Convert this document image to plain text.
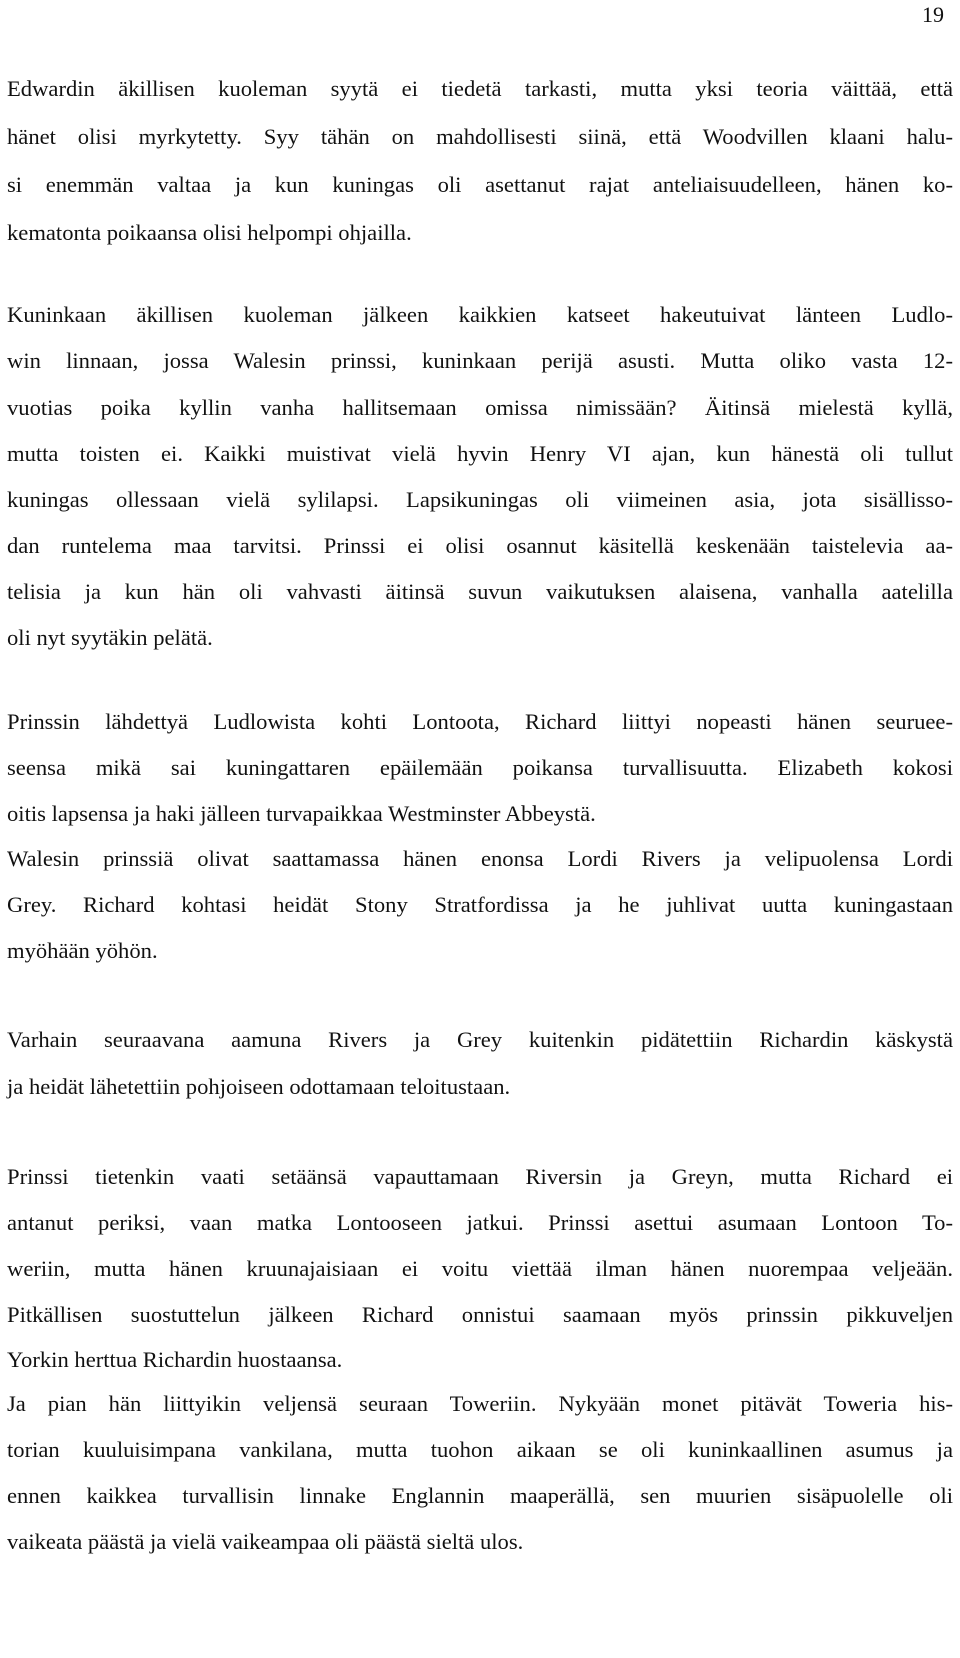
19
Edwardin äkillisen kuoleman syytä ei tiedetä tarkasti, mutta yksi teoria väittää, että
hänet olisi myrkytetty. Syy tähän on mahdollisesti siinä, että Woodvillen klaani halu-
si enemmän valtaa ja kun kuningas oli asettanut rajat anteliaisuudelleen, hänen ko-
kematonta poikaansa olisi helpompi ohjailla.
Kuninkaan äkillisen kuoleman jälkeen kaikkien katseet hakeutuivat länteen Ludlo-
win linnaan, jossa Walesin prinssi, kuninkaan perijä asusti. Mutta oliko vasta 12-
vuotias poika kyllin vanha hallitsemaan omissa nimissään? Äitinsä mielestä kyllä,
mutta toisten ei. Kaikki muistivat vielä hyvin Henry VI ajan, kun hänestä oli tullut
kuningas ollessaan vielä sylilapsi. Lapsikuningas oli viimeinen asia, jota sisällisso-
dan runtelema maa tarvitsi. Prinssi ei olisi osannut käsitellä keskenään taistelevia aa-
telisia ja kun hän oli vahvasti äitinsä suvun vaikutuksen alaisena, vanhalla aatelilla
oli nyt syytäkin pelätä.
Prinssin lähdettyä Ludlowista kohti Lontoota, Richard liittyi nopeasti hänen seurueе-
seensa mikä sai kuningattaren epäilemään poikansa turvallisuutta. Elizabeth kokosi
oitis lapsensa ja haki jälleen turvapaikkaa Westminster Abbeystä.
Walesin prinssiä olivat saattamassa hänen enonsa Lordi Rivers ja velipuolensa Lordi
Grey. Richard kohtasi heidät Stony Stratfordissa ja he juhlivat uutta kuningastaan
myöhään yöhön.
Varhain seuraavana aamuna Rivers ja Grey kuitenkin pidätettiin Richardin käskystä
ja heidät lähetettiin pohjoiseen odottamaan teloitustaan.
Prinssi tietenkin vaati setäänsä vapauttamaan Riversin ja Greyn, mutta Richard ei
antanut periksi, vaan matka Lontooseen jatkui. Prinssi asettui asumaan Lontoon To-
weriin, mutta hänen kruunajaisiaan ei voitu viettää ilman hänen nuorempaa veljeään.
Pitkällisen suostuttelun jälkeen Richard onnistui saamaan myös prinssin pikkuveljen
Yorkin herttua Richardin huostaansa.
Ja pian hän liittyikin veljensä seuraan Toweriin. Nykyään monet pitävät Toweria his-
torian kuuluisimpana vankilana, mutta tuohon aikaan se oli kuninkaallinen asumus ja
ennen kaikkea turvallisin linnake Englannin maaperällä, sen muurien sisäpuolelle oli
vaikeata päästä ja vielä vaikeampaa oli päästä sieltä ulos.
